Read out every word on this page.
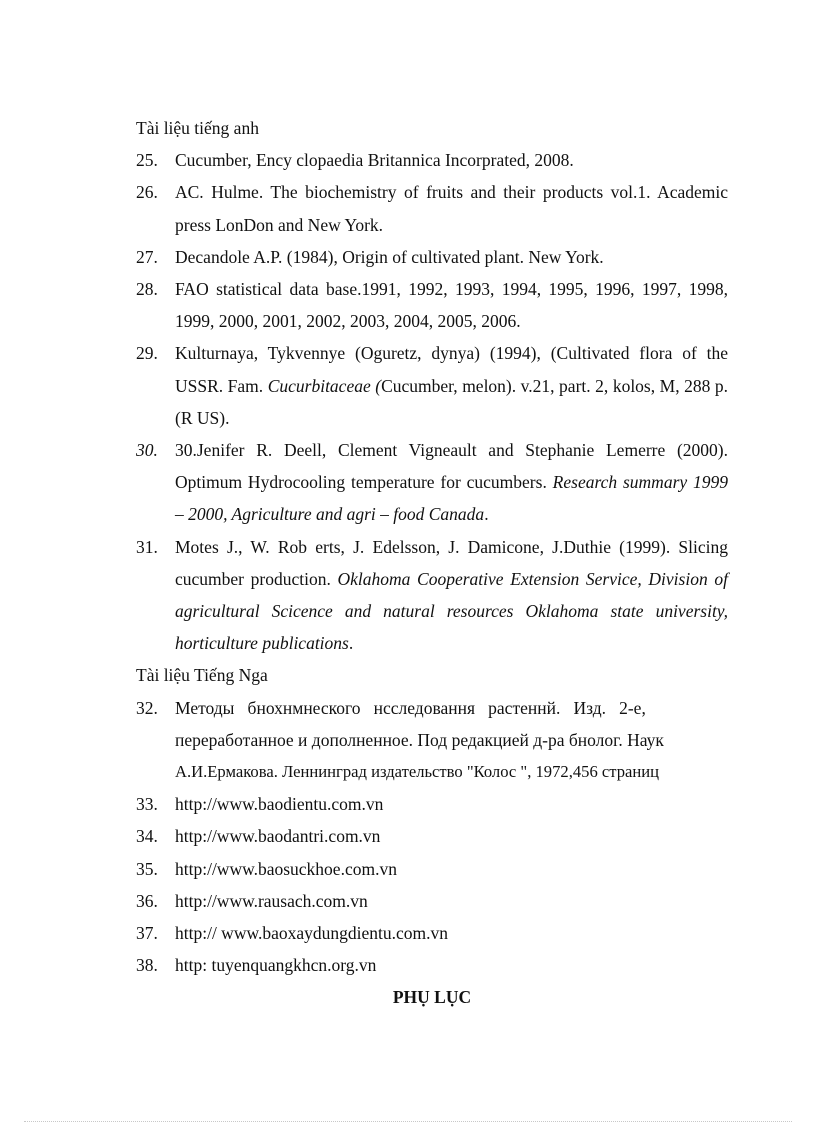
Tài liệu tiếng anh

25. Cucumber, Ency clopaedia Britannica Incorprated, 2008.
26. AC. Hulme. The biochemistry of fruits and their products vol.1. Academic press LonDon and New York.
27. Decandole A.P. (1984), Origin of cultivated plant. New York.
28. FAO statistical data base.1991, 1992, 1993, 1994, 1995, 1996, 1997, 1998, 1999, 2000, 2001, 2002, 2003, 2004, 2005, 2006.
29. Kulturnaya, Tykvennye (Oguretz, dynya) (1994), (Cultivated flora of the USSR. Fam. Cucurbitaceae (Cucumber, melon). v.21, part. 2, kolos, M, 288 p. (R US).
30. 30.Jenifer R. Deell, Clement Vigneault and Stephanie Lemerre (2000). Optimum Hydrocooling temperature for cucumbers. Research summary 1999 – 2000, Agriculture and agri – food Canada.
31. Motes J., W. Rob erts, J. Edelsson, J. Damicone, J.Duthie (1999). Slicing cucumber production. Oklahoma Cooperative Extension Service, Division of agricultural Scicence and natural resources Oklahoma state university, horticulture publications.

Tài liệu Tiếng Nga

32. Методы   бнохнмнеского   нсследовання   растеннй.   Изд.   2-е,
переработанное и дополненное. Под редакцией д-ра бнолог. Наук
А.И.Ермакова. Леннинград издательство "Колос ", 1972,456 страниц
33. http://www.baodientu.com.vn
34. http://www.baodantri.com.vn
35. http://www.baosuckhoe.com.vn
36. http://www.rausach.com.vn
37. http:// www.baoxaydungdientu.com.vn
38. http: tuyenquangkhcn.org.vn
PHỤ LỤC
